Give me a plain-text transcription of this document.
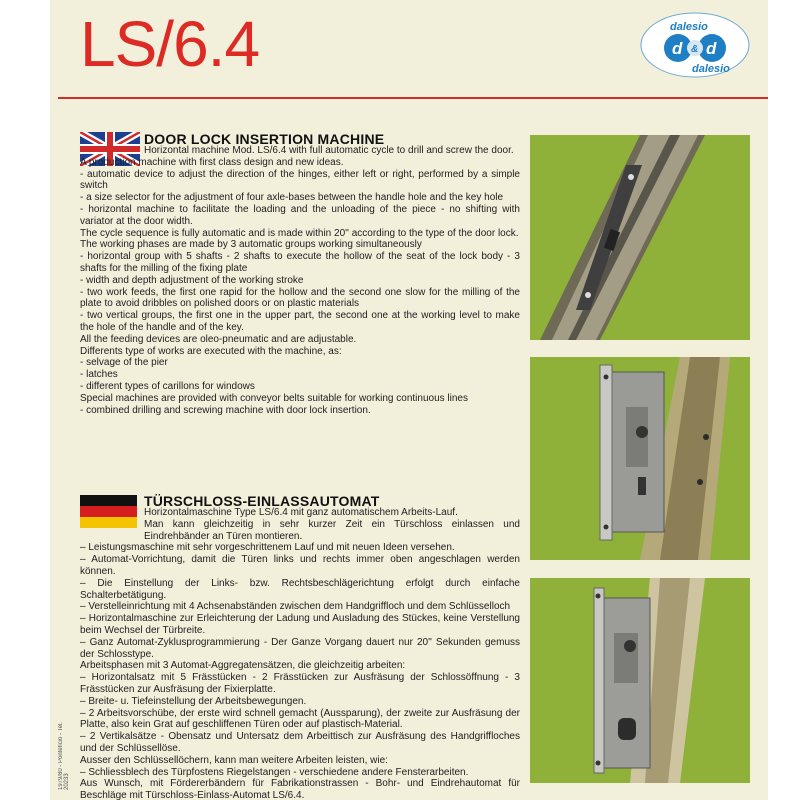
LS/6.4	dalesio
d & d
dalesio
DOOR LOCK INSERTION MACHINE
Horizontal machine Mod. LS/6.4 with full automatic cycle to drill and screw the door.
A production machine with first class design and new ideas.
- automatic device to adjust the direction of the hinges, either left or right, performed by a simple switch
- a size selector for the adjustment of four axle-bases between the handle hole and the key hole
- horizontal machine to facilitate the loading and the unloading of the piece - no shifting with variator at the door width.
The cycle sequence is fully automatic and is made within 20'' according to the type of the door lock.
The working phases are made by 3 automatic groups working simultaneously
- horizontal group with 5 shafts - 2 shafts to execute the hollow of the seat of the lock body - 3 shafts for the milling of the fixing plate
- width and depth adjustment of the working stroke
- two work feeds, the first one rapid for the hollow and the second one slow for the milling of the plate to avoid dribbles on polished doors or on plastic materials
- two vertical groups, the first one in the upper part, the second one at the working level to make the hole of the handle and of the key.
All the feeding devices are oleo-pneumatic and are adjustable.
Differents type of works are executed with the machine, as:
- selvage of the pier
- latches
- different types of carillons for windows
Special machines are provided with conveyor belts suitable for working continuous lines
- combined drilling and screwing machine with door lock insertion.
TÜRSCHLOSS-EINLASSAUTOMAT
Horizontalmaschine Type LS/6.4 mit ganz automatischem Arbeits-Lauf.
Man kann gleichzeitig in sehr kurzer Zeit ein Türschloss einlassen und Eindrehbänder an Türen montieren.
– Leistungsmaschine mit sehr vorgeschrittenem Lauf und mit neuen Ideen versehen.
– Automat-Vorrichtung, damit die Türen links und rechts immer oben angeschlagen werden können.
– Die Einstellung der Links- bzw. Rechtsbeschlägerichtung erfolgt durch einfache Schalterbetätigung.
– Verstelleinrichtung mit 4 Achsenabständen zwischen dem Handgriffloch und dem Schlüsselloch
– Horizontalmaschine zur Erleichterung der Ladung und Ausladung des Stückes, keine Verstellung beim Wechsel der Türbreite.
– Ganz Automat-Zyklusprogrammierung - Der Ganze Vorgang dauert nur 20'' Sekunden gemuss der Schlosstype.
Arbeitsphasen mit 3 Automat-Aggregatensätzen, die gleichzeitig arbeiten:
– Horizontalsatz mit 5 Frässtücken - 2 Frässtücken zur Ausfräsung der Schlossöffnung - 3 Frässtücken zur Ausfräsung der Fixierplatte.
– Breite- u. Tiefeinstellung der Arbeitsbewegungen.
– 2 Arbeitsvorschübe, der erste wird schnell gemacht (Aussparung), der zweite zur Ausfräsung der Platte, also kein Grat auf geschliffenen Türen oder auf plastisch-Material.
– 2 Vertikalsätze - Obensatz und Untersatz dem Arbeittisch zur Ausfräsung des Handgriffloches und der Schlüssellöse.
Ausser den Schlüssellöchern, kann man weitere Arbeiten leisten, wie:
– Schliessblech des Türpfostens Riegelstangen - verschiedene andere Fensterarbeiten.
Aus Wunsch, mit Fördererbändern für Fabrikationstrassen - Bohr- und Eindrehautomat für Beschläge mit Türschloss-Einlass-Automat LS/6.4.
1979/80 - Ponteficio - Tel. 20233
